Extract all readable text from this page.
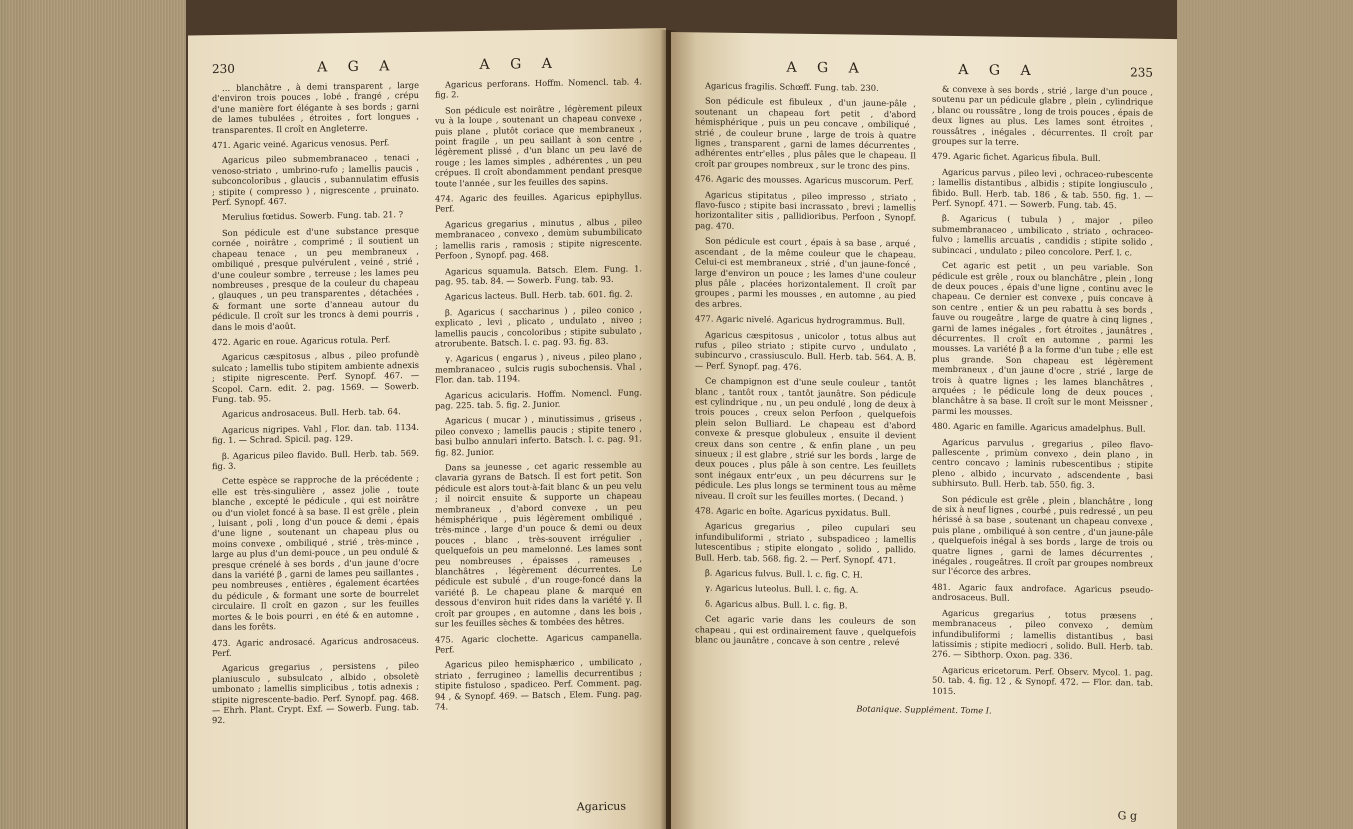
230	A G A	A G A

… blanchâtre , à demi transparent , large d'environ trois pouces , lobé , frangé , crépu d'une manière fort élégante à ses bords ; garni de lames tubulées , étroites , fort longues , transparentes. Il croît en Angleterre.

471. Agaric veiné. Agaricus venosus. Perf.

Agaricus pileo submembranaceo , tenaci , venoso-striato , umbrino-rufo ; lamellis paucis , subconcoloribus , glaucis , subannulatim effusis ; stipite ( compresso ) , nigrescente , pruinato. Perf. Synopf. 467.

Merulius fœtidus. Sowerb. Fung. tab. 21. ?

Son pédicule est d'une substance presque cornée , noirâtre , comprimé ; il soutient un chapeau tenace , un peu membraneux , ombiliqué , presque pulvérulent , veiné , strié , d'une couleur sombre , terreuse ; les lames peu nombreuses , presque de la couleur du chapeau , glauques , un peu transparentes , détachées , & formant une sorte d'anneau autour du pédicule. Il croît sur les troncs à demi pourris , dans le mois d'août.

472. Agaric en roue. Agaricus rotula. Perf.

Agaricus cæspitosus , albus , pileo profundè sulcato ; lamellis tubo stipitem ambiente adnexis ; stipite nigrescente. Perf. Synopf. 467. — Scopol. Carn. edit. 2. pag. 1569. — Sowerb. Fung. tab. 95.

Agaricus androsaceus. Bull. Herb. tab. 64.

Agaricus nigripes. Vahl , Flor. dan. tab. 1134. fig. 1. — Schrad. Spicil. pag. 129.

β. Agaricus pileo flavido. Bull. Herb. tab. 569. fig. 3.

Cette espèce se rapproche de la précédente ; elle est très-singulière , assez jolie , toute blanche , excepté le pédicule , qui est noirâtre ou d'un violet foncé à sa base. Il est grêle , plein , luisant , poli , long d'un pouce & demi , épais d'une ligne , soutenant un chapeau plus ou moins convexe , ombiliqué , strié , très-mince , large au plus d'un demi-pouce , un peu ondulé & presque crénelé à ses bords , d'un jaune d'ocre dans la variété β , garni de lames peu saillantes , peu nombreuses , entières , également écartées du pédicule , & formant une sorte de bourrelet circulaire. Il croît en gazon , sur les feuilles mortes & le bois pourri , en été & en automne , dans les forêts.

473. Agaric androsacé. Agaricus androsaceus. Perf.

Agaricus gregarius , persistens , pileo planiusculo , subsulcato , albido , obsoletè umbonato ; lamellis simplicibus , totis adnexis ; stipite nigrescente-badio. Perf. Synopf. pag. 468. — Ehrh. Plant. Crypt. Exf. — Sowerb. Fung. tab. 92.

Agaricus perforans. Hoffm. Nomencl. tab. 4. fig. 2.

Son pédicule est noirâtre , légèrement pileux vu à la loupe , soutenant un chapeau convexe , puis plane , plutôt coriace que membraneux , point fragile , un peu saillant à son centre , légèrement plissé , d'un blanc un peu lavé de rouge ; les lames simples , adhérentes , un peu crépues. Il croît abondamment pendant presque toute l'année , sur les feuilles des sapins.

474. Agaric des feuilles. Agaricus epiphyllus. Perf.

Agaricus gregarius , minutus , albus , pileo membranaceo , convexo , demùm subumbilicato ; lamellis raris , ramosis ; stipite nigrescente. Perfoon , Synopf. pag. 468.

Agaricus squamula. Batsch. Elem. Fung. 1. pag. 95. tab. 84. — Sowerb. Fung. tab. 93.

Agaricus lacteus. Bull. Herb. tab. 601. fig. 2.

β. Agaricus ( saccharinus ) , pileo conico , explicato , levi , plicato , undulato , niveo ; lamellis paucis , concoloribus ; stipite subulato , atrorubente. Batsch. l. c. pag. 93. fig. 83.

γ. Agaricus ( engarus ) , niveus , pileo plano , membranaceo , sulcis rugis subochensis. Vhal , Flor. dan. tab. 1194.

Agaricus acicularis. Hoffm. Nomencl. Fung. pag. 225. tab. 5. fig. 2. Junior.

Agaricus ( mucar ) , minutissimus , griseus , pileo convexo ; lamellis paucis ; stipite tenero , basi bulbo annulari inferto. Batsch. l. c. pag. 91. fig. 82. Junior.

Dans sa jeunesse , cet agaric ressemble au clavaria gyrans de Batsch. Il est fort petit. Son pédicule est alors tout-à-fait blanc & un peu velu ; il noircit ensuite & supporte un chapeau membraneux , d'abord convexe , un peu hémisphérique , puis légèrement ombiliqué , très-mince , large d'un pouce & demi ou deux pouces , blanc , très-souvent irrégulier , quelquefois un peu mamelonné. Les lames sont peu nombreuses , épaisses , rameuses , blanchâtres , légèrement décurrentes. Le pédicule est subulé , d'un rouge-foncé dans la variété β. Le chapeau plane & marqué en dessous d'environ huit rides dans la variété γ. Il croît par groupes , en automne , dans les bois , sur les feuilles sèches & tombées des hêtres.

475. Agaric clochette. Agaricus campanella. Perf.

Agaricus pileo hemisphærico , umbilicato , striato , ferrugineo ; lamellis decurrentibus ; stipite fistuloso , spadiceo. Perf. Comment. pag. 94 , & Synopf. 469. — Batsch , Elem. Fung. pag. 74.

Agaricus
A G A	A G A	235

Agaricus fragilis. Schœff. Fung. tab. 230.

Son pédicule est fibuleux , d'un jaune-pâle , soutenant un chapeau fort petit , d'abord hémisphérique , puis un peu concave , ombiliqué , strié , de couleur brune , large de trois à quatre lignes , transparent , garni de lames décurrentes , adhérentes entr'elles , plus pâles que le chapeau. Il croît par groupes nombreux , sur le tronc des pins.

476. Agaric des mousses. Agaricus muscorum. Perf.

Agaricus stipitatus , pileo impresso , striato , flavo-fusco ; stipite basi incrassato , brevi ; lamellis horizontaliter sitis , pallidioribus. Perfoon , Synopf. pag. 470.

Son pédicule est court , épais à sa base , arqué , ascendant , de la même couleur que le chapeau. Celui-ci est membraneux , strié , d'un jaune-foncé , large d'environ un pouce ; les lames d'une couleur plus pâle , placées horizontalement. Il croît par groupes , parmi les mousses , en automne , au pied des arbres.

477. Agaric nivelé. Agaricus hydrogrammus. Bull.

Agaricus cæspitosus , unicolor , totus albus aut rufus , pileo striato ; stipite curvo , undulato , subincurvo , crassiusculo. Bull. Herb. tab. 564. A. B. — Perf. Synopf. pag. 476.

Ce champignon est d'une seule couleur , tantôt blanc , tantôt roux , tantôt jaunâtre. Son pédicule est cylindrique , nu , un peu ondulé , long de deux à trois pouces , creux selon Perfoon , quelquefois plein selon Bulliard. Le chapeau est d'abord convexe & presque globuleux , ensuite il devient creux dans son centre , & enfin plane , un peu sinueux ; il est glabre , strié sur les bords , large de deux pouces , plus pâle à son centre. Les feuillets sont inégaux entr'eux , un peu décurrens sur le pédicule. Les plus longs se terminent tous au même niveau. Il croît sur les feuilles mortes. ( Decand. )

478. Agaric en boîte. Agaricus pyxidatus. Bull.

Agaricus gregarius , pileo cupulari seu infundibuliformi , striato , subspadiceo ; lamellis lutescentibus ; stipite elongato , solido , pallido. Bull. Herb. tab. 568. fig. 2. — Perf. Synopf. 471.

β. Agaricus fulvus. Bull. l. c. fig. C. H.

γ. Agaricus luteolus. Bull. l. c. fig. A.

δ. Agaricus albus. Bull. l. c. fig. B.

Cet agaric varie dans les couleurs de son chapeau , qui est ordinairement fauve , quelquefois blanc ou jaunâtre , concave à son centre , relevé

& convexe à ses bords , strié , large d'un pouce , soutenu par un pédicule glabre , plein , cylindrique , blanc ou roussâtre , long de trois pouces , épais de deux lignes au plus. Les lames sont étroites , roussâtres , inégales , décurrentes. Il croît par groupes sur la terre.

479. Agaric fichet. Agaricus fibula. Bull.

Agaricus parvus , pileo levi , ochraceo-rubescente ; lamellis distantibus , albidis ; stipite longiusculo , fibido. Bull. Herb. tab. 186 , & tab. 550. fig. 1. — Perf. Synopf. 471. — Sowerb. Fung. tab. 45.

β. Agaricus ( tubula ) , major , pileo submembranaceo , umbilicato , striato , ochraceo-fulvo ; lamellis arcuatis , candidis ; stipite solido , subincaci , undulato ; pileo concolore. Perf. l. c.

Cet agaric est petit , un peu variable. Son pédicule est grêle , roux ou blanchâtre , plein , long de deux pouces , épais d'une ligne , continu avec le chapeau. Ce dernier est convexe , puis concave à son centre , entier & un peu rabattu à ses bords , fauve ou rougeâtre , large de quatre à cinq lignes , garni de lames inégales , fort étroites , jaunâtres , décurrentes. Il croît en automne , parmi les mousses. La variété β a la forme d'un tube ; elle est plus grande. Son chapeau est légèrement membraneux , d'un jaune d'ocre , strié , large de trois à quatre lignes ; les lames blanchâtres , arquées ; le pédicule long de deux pouces , blanchâtre à sa base. Il croît sur le mont Meissner , parmi les mousses.

480. Agaric en famille. Agaricus amadelphus. Bull.

Agaricus parvulus , gregarius , pileo flavo-pallescente , primùm convexo , dein plano , in centro concavo ; laminis rubescentibus ; stipite pleno , albido , incurvato , adscendente , basi subhirsuto. Bull. Herb. tab. 550. fig. 3.

Son pédicule est grêle , plein , blanchâtre , long de six à neuf lignes , courbé , puis redressé , un peu hérissé à sa base , soutenant un chapeau convexe , puis plane , ombiliqué à son centre , d'un jaune-pâle , quelquefois inégal à ses bords , large de trois ou quatre lignes , garni de lames décurrentes , inégales , rougeâtres. Il croît par groupes nombreux sur l'écorce des arbres.

481. Agaric faux androface. Agaricus pseudo-androsaceus. Bull.

Agaricus gregarius , totus præsens , membranaceus , pileo convexo , demùm infundibuliformi ; lamellis distantibus , basi latissimis ; stipite mediocri , solido. Bull. Herb. tab. 276. — Sibthorp. Oxon. pag. 336.

Agaricus ericetorum. Perf. Observ. Mycol. 1. pag. 50. tab. 4. fig. 12 , & Synopf. 472. — Flor. dan. tab. 1015.

Botanique. Supplément. Tome I.
G g
